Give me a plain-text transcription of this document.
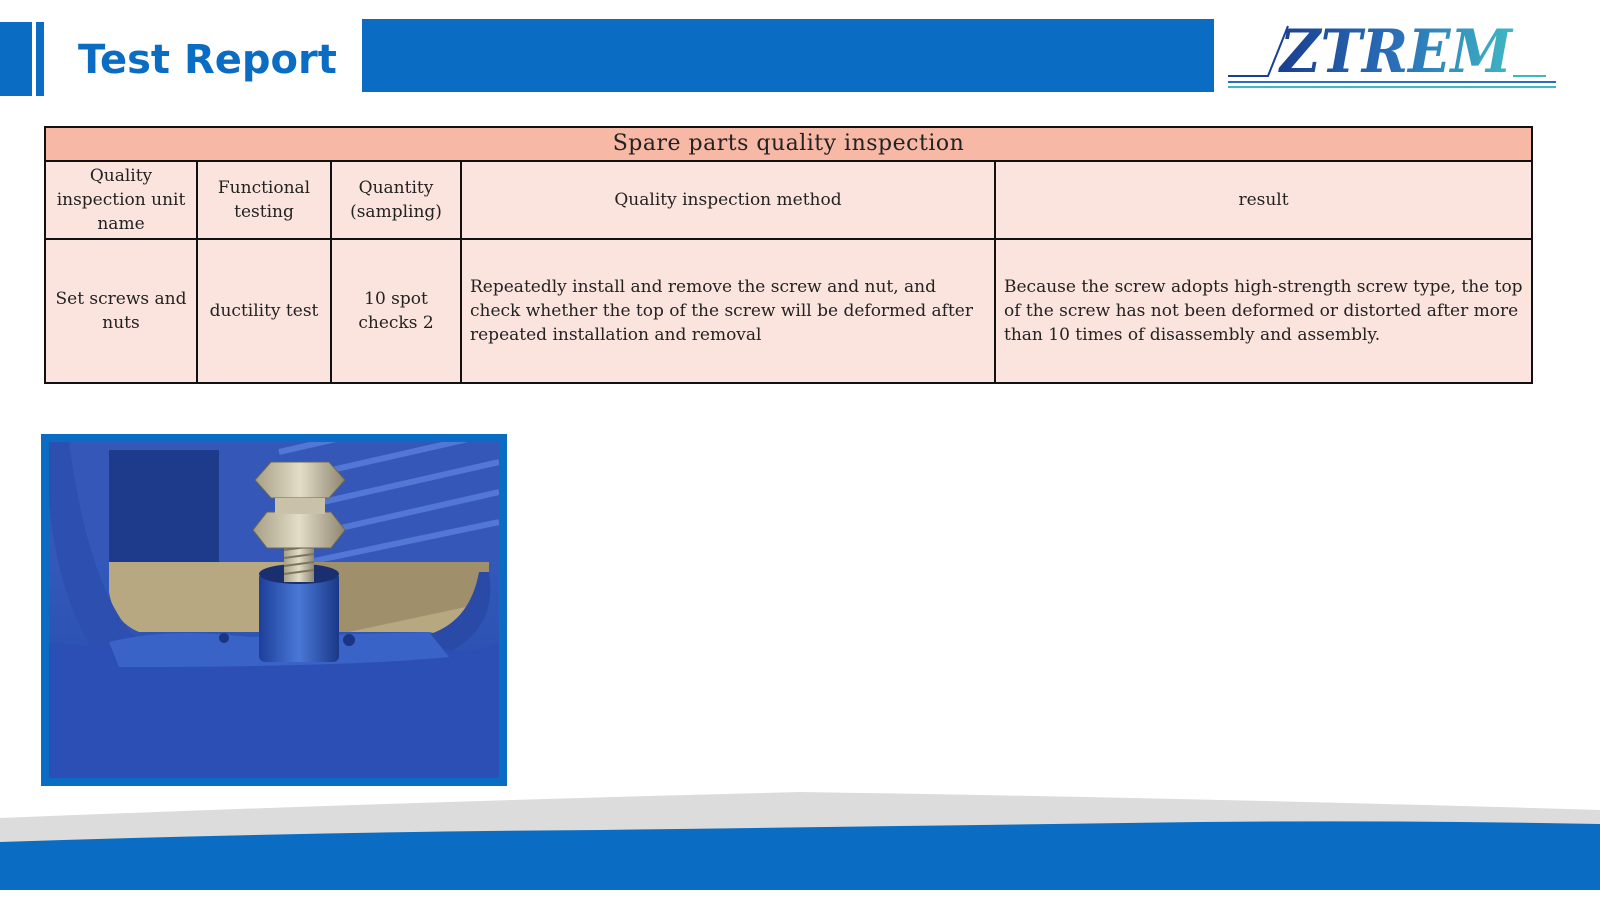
Test Report	ZTREM
Spare parts quality inspection				
Quality inspection unit name	Functional testing	Quantity (sampling)	Quality inspection method	result
Set screws and nuts	ductility test	10 spot checks 2	Repeatedly install and remove the screw and nut, and check whether the top of the screw will be deformed after repeated installation and removal	Because the screw adopts high-strength screw type, the top of the screw has not been deformed or distorted after more than 10 times of disassembly and assembly.
